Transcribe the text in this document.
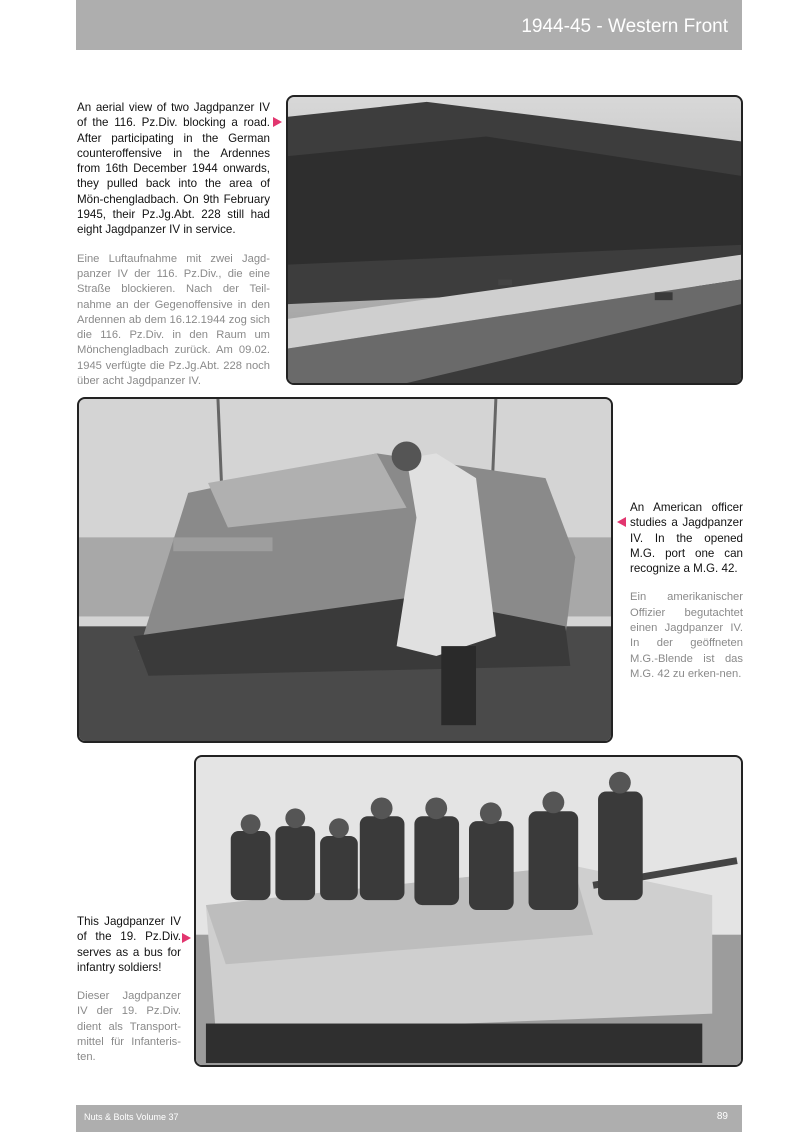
1944-45 - Western Front

An aerial view of two Jagdpanzer IV of the 116. Pz.Div. blocking a road. After participating in the German counteroffensive in the Ardennes from 16th December 1944 onwards, they pulled back into the area of Mön-chengladbach. On 9th February 1945, their Pz.Jg.Abt. 228 still had eight Jagdpanzer IV in service.

Eine Luftaufnahme mit zwei Jagd-panzer IV der 116. Pz.Div., die eine Straße blockieren. Nach der Teil-nahme an der Gegenoffensive in den Ardennen ab dem 16.12.1944 zog sich die 116. Pz.Div. in den Raum um Mönchengladbach zurück. Am 09.02. 1945 verfügte die Pz.Jg.Abt. 228 noch über acht Jagdpanzer IV.

An American officer studies a Jagdpanzer IV. In the opened M.G. port one can recognize a M.G. 42.

Ein amerikanischer Offizier begutachtet einen Jagdpanzer IV. In der geöffneten M.G.-Blende ist das M.G. 42 zu erken-nen.

This Jagdpanzer IV of the 19. Pz.Div. serves as a bus for infantry soldiers!

Dieser Jagdpanzer IV der 19. Pz.Div. dient als Transport-mittel für Infanteris-ten.

Nuts & Bolts Volume 37	89
